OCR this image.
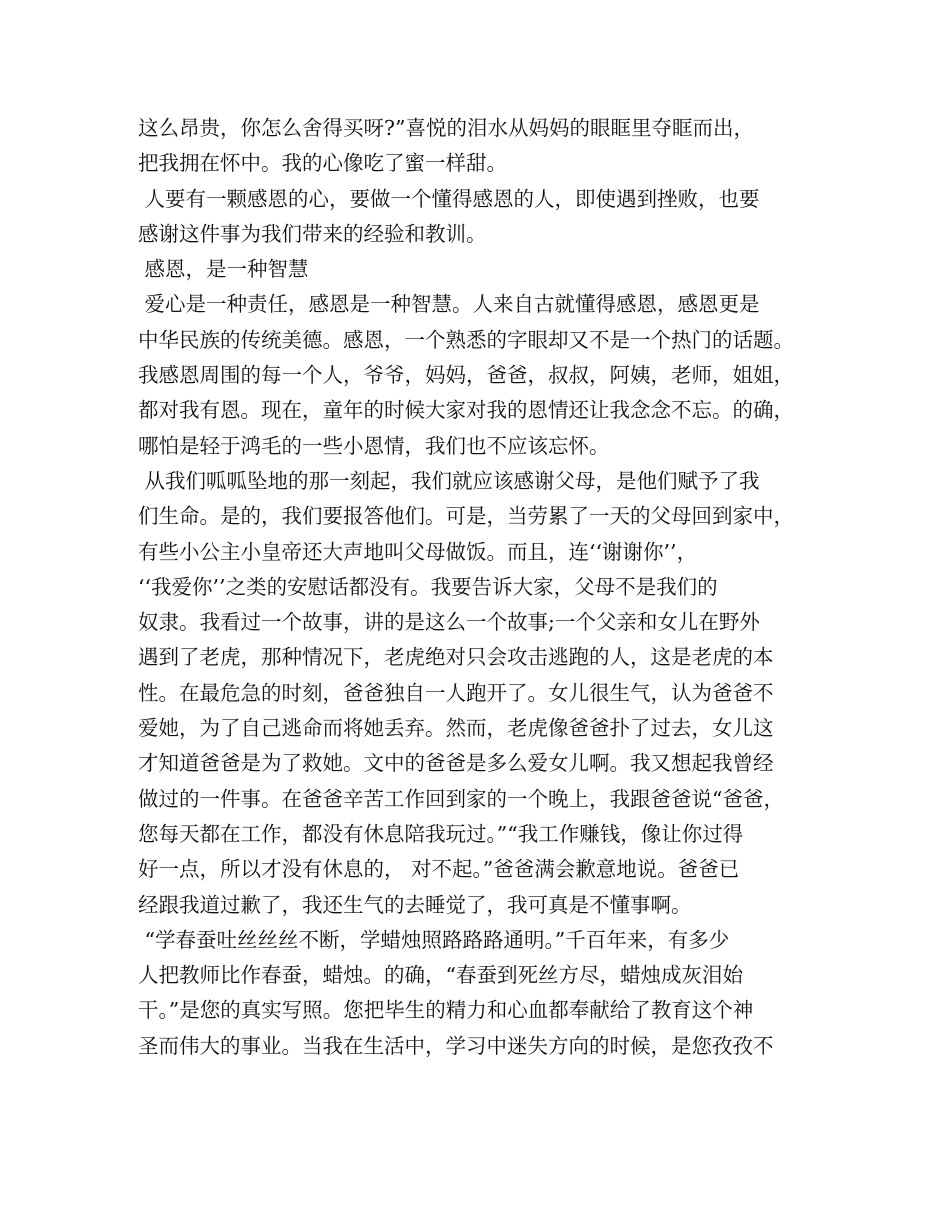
这么昂贵，你怎么舍得买呀?”喜悦的泪水从妈妈的眼眶里夺眶而出，
把我拥在怀中。我的心像吃了蜜一样甜。
人要有一颗感恩的心，要做一个懂得感恩的人，即使遇到挫败，也要
感谢这件事为我们带来的经验和教训。
感恩，是一种智慧
爱心是一种责任，感恩是一种智慧。人来自古就懂得感恩，感恩更是
中华民族的传统美德。感恩，一个熟悉的字眼却又不是一个热门的话题。
我感恩周围的每一个人，爷爷，妈妈，爸爸，叔叔，阿姨，老师，姐姐，
都对我有恩。现在，童年的时候大家对我的恩情还让我念念不忘。的确，
哪怕是轻于鸿毛的一些小恩情，我们也不应该忘怀。
从我们呱呱坠地的那一刻起，我们就应该感谢父母，是他们赋予了我
们生命。是的，我们要报答他们。可是，当劳累了一天的父母回到家中，
有些小公主小皇帝还大声地叫父母做饭。而且，连‘‘谢谢你’’，
‘‘我爱你’’之类的安慰话都没有。我要告诉大家，父母不是我们的
奴隶。我看过一个故事，讲的是这么一个故事;一个父亲和女儿在野外
遇到了老虎，那种情况下，老虎绝对只会攻击逃跑的人，这是老虎的本
性。在最危急的时刻，爸爸独自一人跑开了。女儿很生气，认为爸爸不
爱她，为了自己逃命而将她丢弃。然而，老虎像爸爸扑了过去，女儿这
才知道爸爸是为了救她。文中的爸爸是多么爱女儿啊。我又想起我曾经
做过的一件事。在爸爸辛苦工作回到家的一个晚上，我跟爸爸说“爸爸，
您每天都在工作，都没有休息陪我玩过。”“我工作赚钱，像让你过得
好一点，所以才没有休息的， 对不起。”爸爸满会歉意地说。爸爸已
经跟我道过歉了，我还生气的去睡觉了，我可真是不懂事啊。
“学春蚕吐丝丝丝不断，学蜡烛照路路路通明。”千百年来，有多少
人把教师比作春蚕，蜡烛。的确，“春蚕到死丝方尽，蜡烛成灰泪始
干。”是您的真实写照。您把毕生的精力和心血都奉献给了教育这个神
圣而伟大的事业。当我在生活中，学习中迷失方向的时候，是您孜孜不
